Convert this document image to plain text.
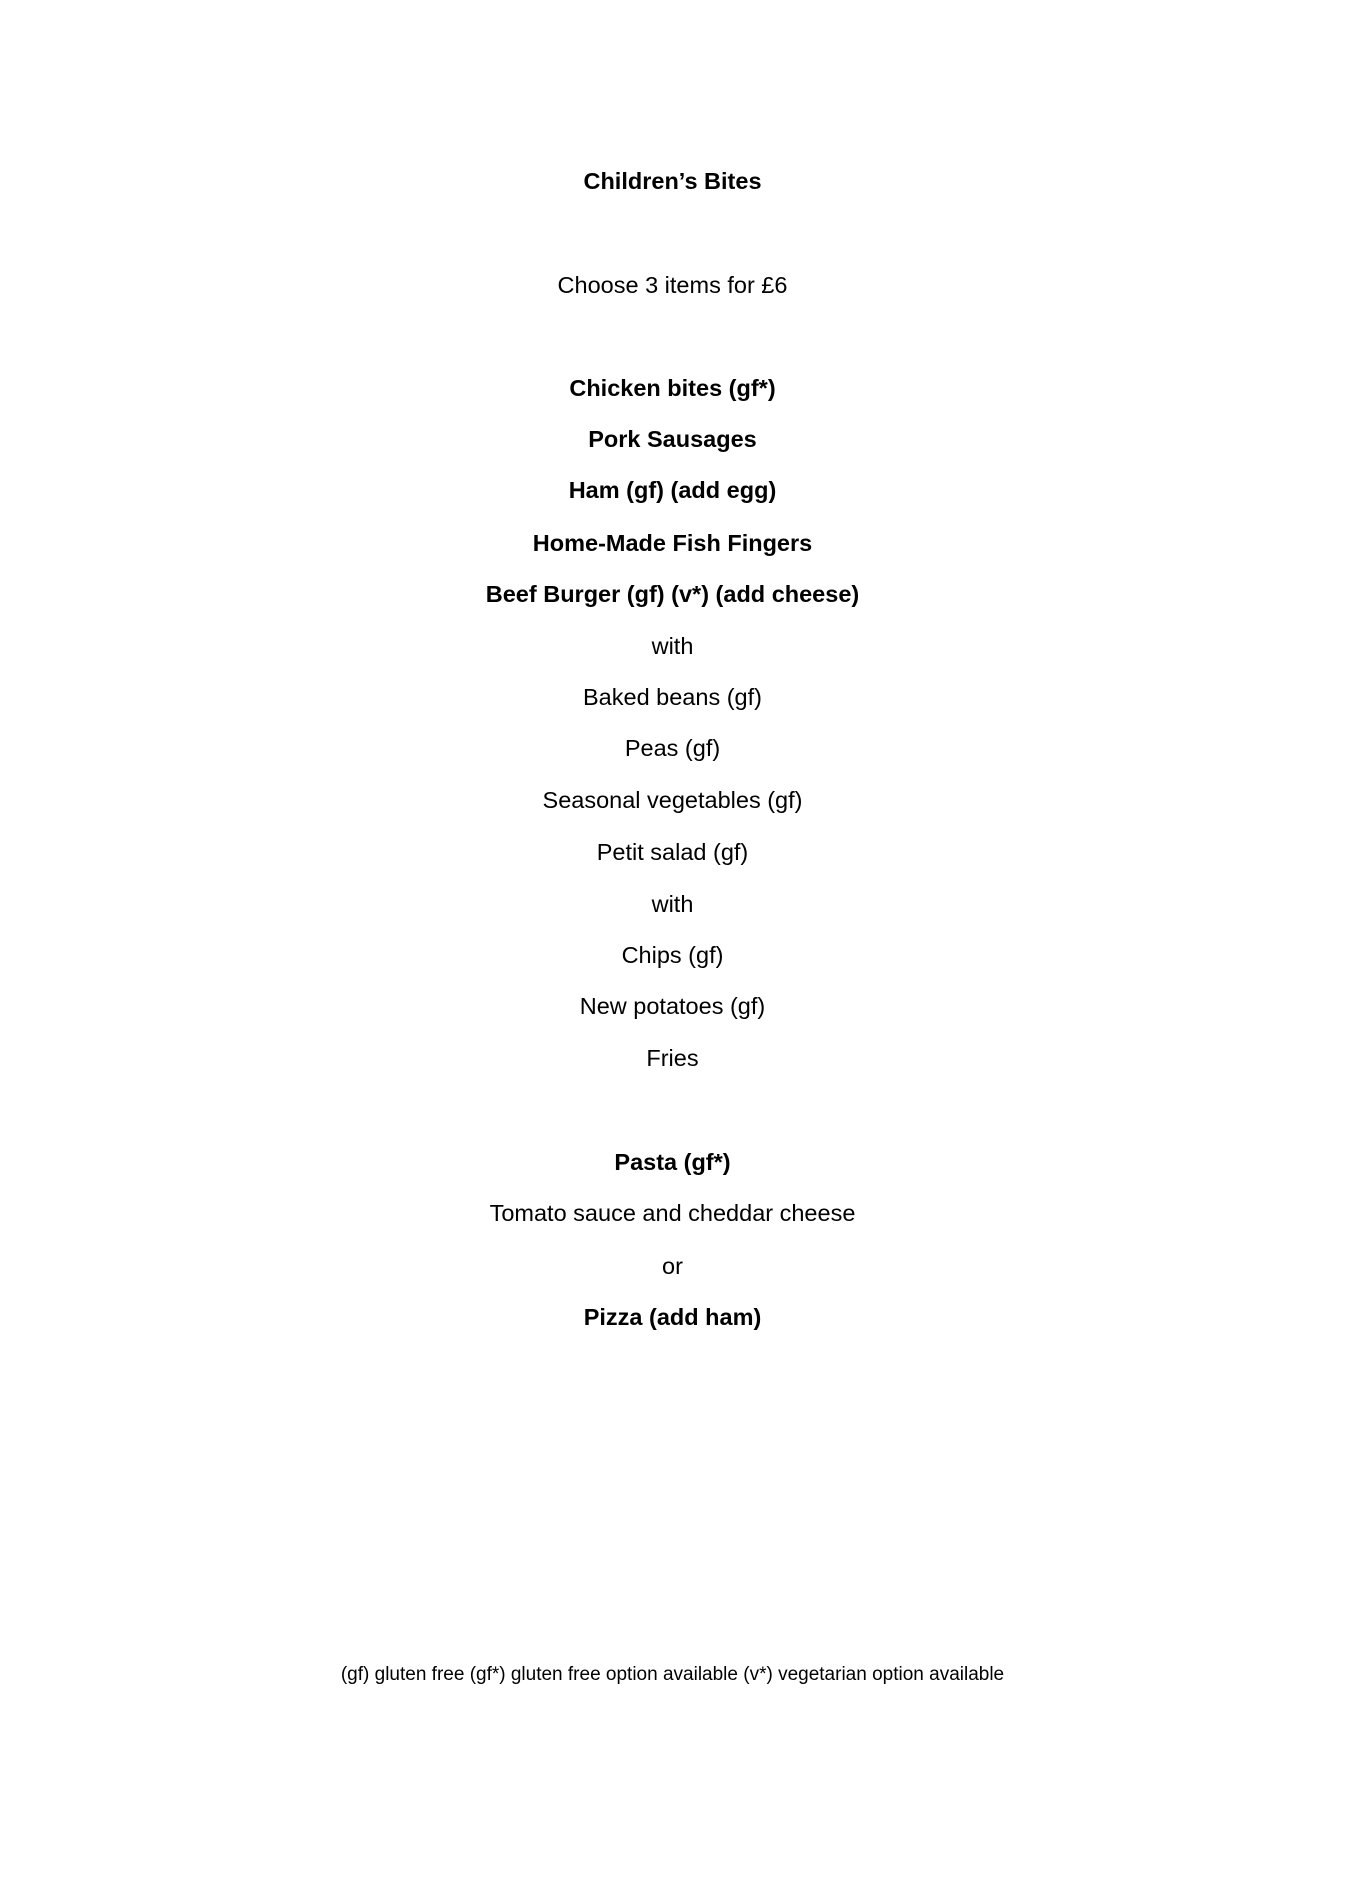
Children’s Bites
Choose 3 items for £6
Chicken bites (gf*)
Pork Sausages
Ham (gf) (add egg)
Home-Made Fish Fingers
Beef Burger (gf) (v*) (add cheese)
with
Baked beans (gf)
Peas (gf)
Seasonal vegetables (gf)
Petit salad (gf)
with
Chips (gf)
New potatoes (gf)
Fries
Pasta (gf*)
Tomato sauce and cheddar cheese
or
Pizza (add ham)
(gf) gluten free (gf*) gluten free option available (v*) vegetarian option available
